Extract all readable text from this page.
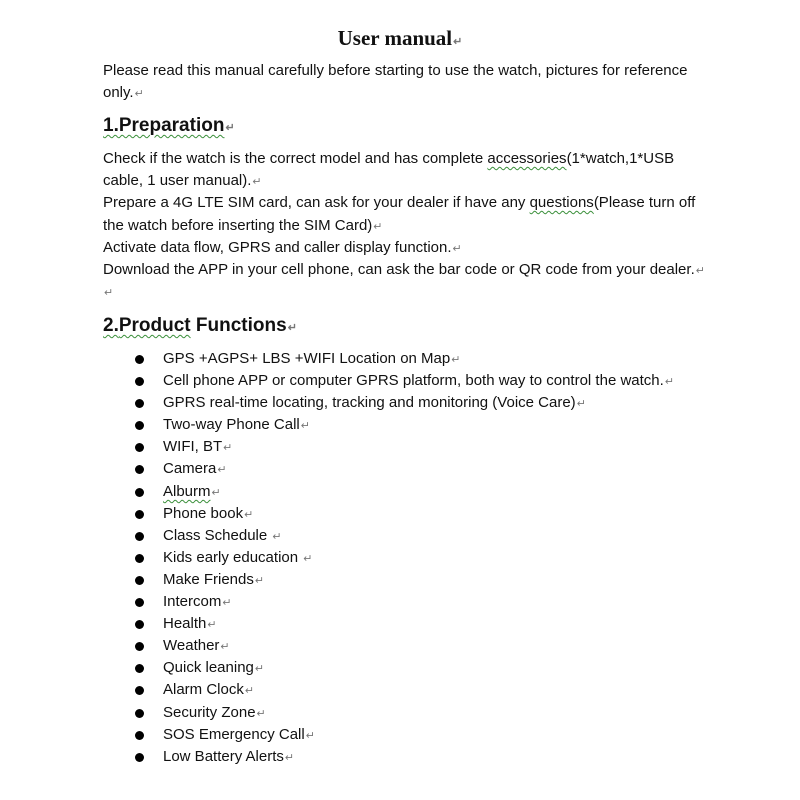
User manual↵
Please read this manual carefully before starting to use the watch, pictures for reference
only.↵
1.Preparation↵
Check if the watch is the correct model and has complete accessories(1*watch,1*USB
cable, 1 user manual).↵
Prepare a 4G LTE SIM card, can ask for your dealer if have any questions(Please turn off
the watch before inserting the SIM Card)↵
Activate data flow, GPRS and caller display function.↵
Download the APP in your cell phone, can ask the bar code or QR code from your dealer.↵
↵
2.Product Functions↵
GPS +AGPS+ LBS +WIFI Location on Map↵
Cell phone APP or computer GPRS platform, both way to control the watch.↵
GPRS real-time locating, tracking and monitoring (Voice Care)↵
Two-way Phone Call↵
WIFI, BT↵
Camera↵
Alburm↵
Phone book↵
Class Schedule ↵
Kids early education ↵
Make Friends↵
Intercom↵
Health↵
Weather↵
Quick leaning↵
Alarm Clock↵
Security Zone↵
SOS Emergency Call↵
Low Battery Alerts↵
